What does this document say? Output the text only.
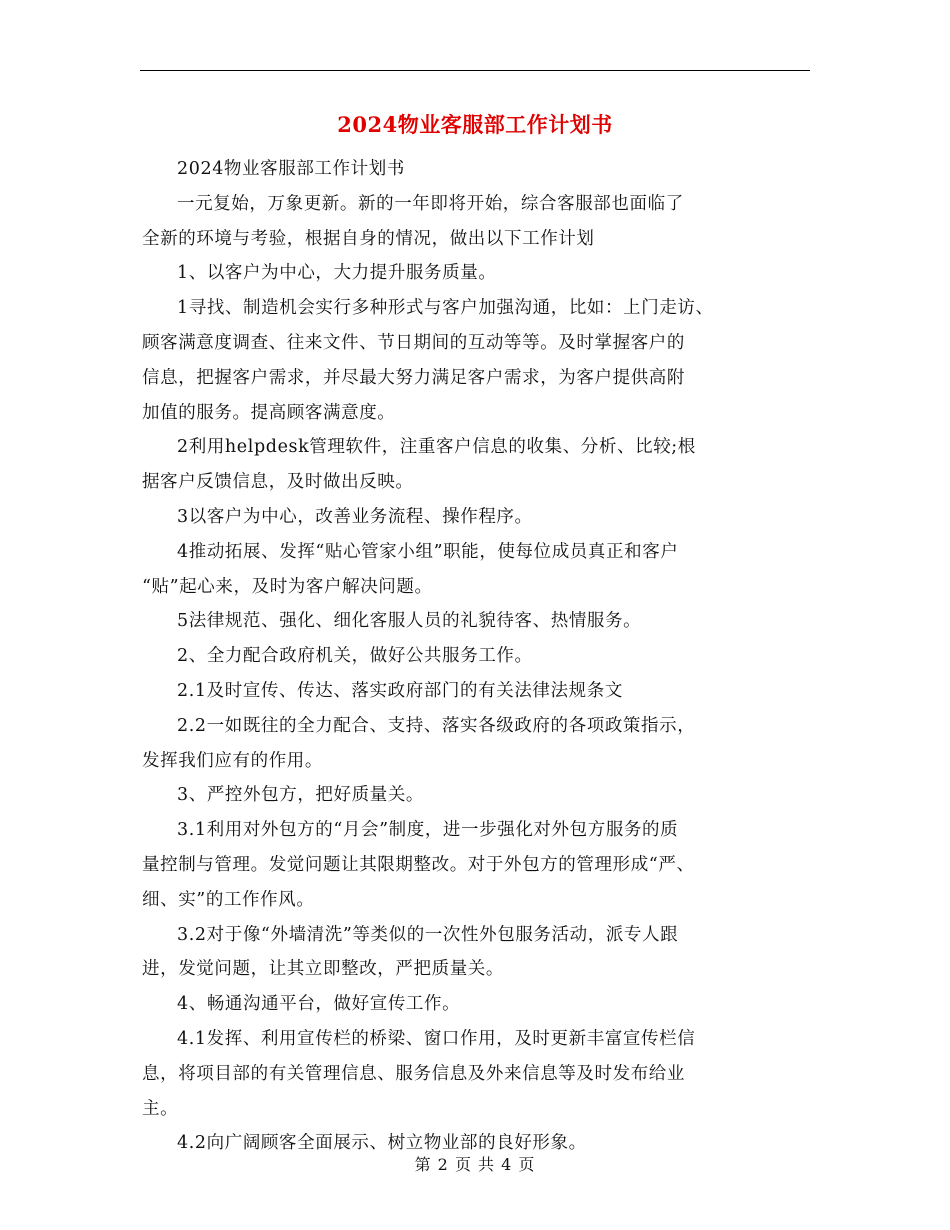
2024物业客服部工作计划书

2024物业客服部工作计划书

一元复始，万象更新。新的一年即将开始，综合客服部也面临了
全新的环境与考验，根据自身的情况，做出以下工作计划

1、以客户为中心，大力提升服务质量。

1寻找、制造机会实行多种形式与客户加强沟通，比如：上门走访、
顾客满意度调查、往来文件、节日期间的互动等等。及时掌握客户的
信息，把握客户需求，并尽最大努力满足客户需求，为客户提供高附
加值的服务。提高顾客满意度。

2利用helpdesk管理软件，注重客户信息的收集、分析、比较;根
据客户反馈信息，及时做出反映。

3以客户为中心，改善业务流程、操作程序。

4推动拓展、发挥“贴心管家小组”职能，使每位成员真正和客户
“贴”起心来，及时为客户解决问题。

5法律规范、强化、细化客服人员的礼貌待客、热情服务。

2、全力配合政府机关，做好公共服务工作。

2.1及时宣传、传达、落实政府部门的有关法律法规条文

2.2一如既往的全力配合、支持、落实各级政府的各项政策指示，
发挥我们应有的作用。

3、严控外包方，把好质量关。

3.1利用对外包方的“月会”制度，进一步强化对外包方服务的质
量控制与管理。发觉问题让其限期整改。对于外包方的管理形成“严、
细、实”的工作作风。

3.2对于像“外墙清洗”等类似的一次性外包服务活动，派专人跟
进，发觉问题，让其立即整改，严把质量关。

4、畅通沟通平台，做好宣传工作。

4.1发挥、利用宣传栏的桥梁、窗口作用，及时更新丰富宣传栏信
息，将项目部的有关管理信息、服务信息及外来信息等及时发布给业
主。

4.2向广阔顾客全面展示、树立物业部的良好形象。

第 2 页 共 4 页
